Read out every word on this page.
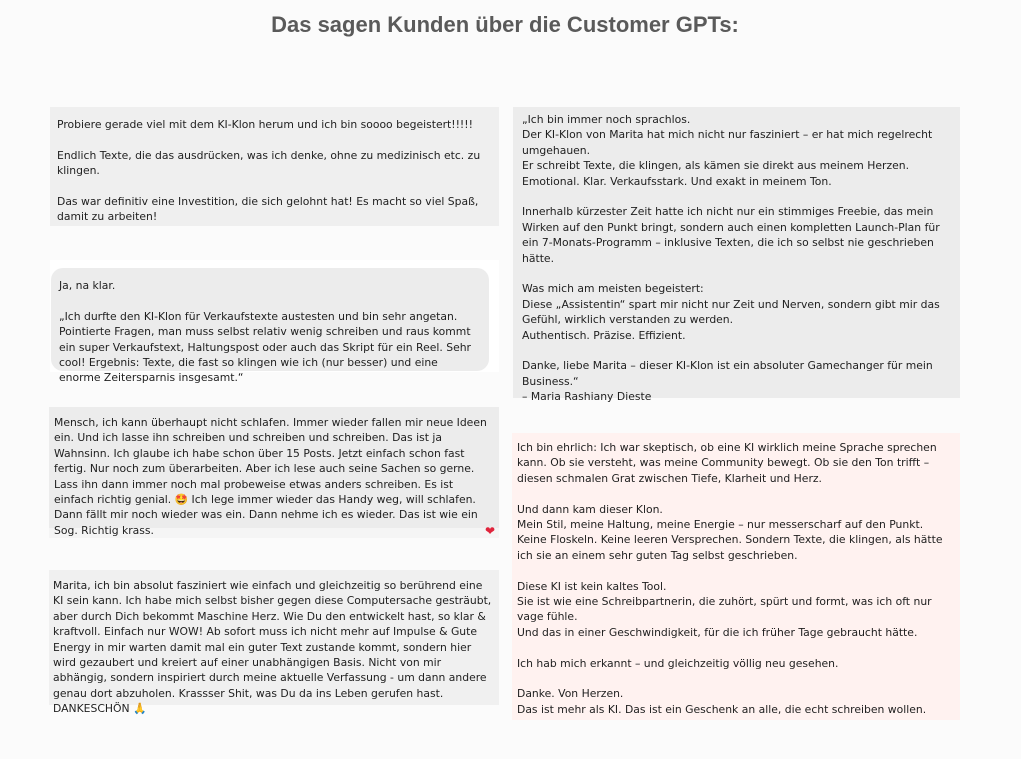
Das sagen Kunden über die Customer GPTs:

Probiere gerade viel mit dem KI-Klon herum und ich bin soooo begeistert!!!!!

Endlich Texte, die das ausdrücken, was ich denke, ohne zu medizinisch etc. zu klingen.

Das war definitiv eine Investition, die sich gelohnt hat! Es macht so viel Spaß, damit zu arbeiten!

Ja, na klar.

„Ich durfte den KI-Klon für Verkaufstexte austesten und bin sehr angetan. Pointierte Fragen, man muss selbst relativ wenig schreiben und raus kommt ein super Verkaufstext, Haltungspost oder auch das Skript für ein Reel. Sehr cool! Ergebnis: Texte, die fast so klingen wie ich (nur besser) und eine enorme Zeitersparnis insgesamt.“

Mensch, ich kann überhaupt nicht schlafen. Immer wieder fallen mir neue Ideen ein. Und ich lasse ihn schreiben und schreiben und schreiben. Das ist ja Wahnsinn. Ich glaube ich habe schon über 15 Posts. Jetzt einfach schon fast fertig. Nur noch zum überarbeiten. Aber ich lese auch seine Sachen so gerne. Lass ihn dann immer noch mal probeweise etwas anders schreiben. Es ist einfach richtig genial. 🤩 Ich lege immer wieder das Handy weg, will schlafen. Dann fällt mir noch wieder was ein. Dann nehme ich es wieder. Das ist wie ein Sog. Richtig krass.	❤

Marita, ich bin absolut fasziniert wie einfach und gleichzeitig so berührend eine KI sein kann. Ich habe mich selbst bisher gegen diese Computersache gesträubt, aber durch Dich bekommt Maschine Herz. Wie Du den entwickelt hast, so klar & kraftvoll. Einfach nur WOW! Ab sofort muss ich nicht mehr auf Impulse & Gute Energy in mir warten damit mal ein guter Text zustande kommt, sondern hier wird gezaubert und kreiert auf einer unabhängigen Basis. Nicht von mir abhängig, sondern inspiriert durch meine aktuelle Verfassung - um dann andere genau dort abzuholen. Krassser Shit, was Du da ins Leben gerufen hast. DANKESCHÖN 🙏

„Ich bin immer noch sprachlos.
Der KI-Klon von Marita hat mich nicht nur fasziniert – er hat mich regelrecht umgehauen.
Er schreibt Texte, die klingen, als kämen sie direkt aus meinem Herzen. Emotional. Klar. Verkaufsstark. Und exakt in meinem Ton.

Innerhalb kürzester Zeit hatte ich nicht nur ein stimmiges Freebie, das mein Wirken auf den Punkt bringt, sondern auch einen kompletten Launch-Plan für ein 7-Monats-Programm – inklusive Texten, die ich so selbst nie geschrieben hätte.

Was mich am meisten begeistert:
Diese „Assistentin“ spart mir nicht nur Zeit und Nerven, sondern gibt mir das Gefühl, wirklich verstanden zu werden.
Authentisch. Präzise. Effizient.

Danke, liebe Marita – dieser KI-Klon ist ein absoluter Gamechanger für mein Business.“
– Maria Rashiany Dieste

Ich bin ehrlich: Ich war skeptisch, ob eine KI wirklich meine Sprache sprechen kann. Ob sie versteht, was meine Community bewegt. Ob sie den Ton trifft – diesen schmalen Grat zwischen Tiefe, Klarheit und Herz.

Und dann kam dieser Klon.
Mein Stil, meine Haltung, meine Energie – nur messerscharf auf den Punkt.
Keine Floskeln. Keine leeren Versprechen. Sondern Texte, die klingen, als hätte ich sie an einem sehr guten Tag selbst geschrieben.

Diese KI ist kein kaltes Tool.
Sie ist wie eine Schreibpartnerin, die zuhört, spürt und formt, was ich oft nur vage fühle.
Und das in einer Geschwindigkeit, für die ich früher Tage gebraucht hätte.

Ich hab mich erkannt – und gleichzeitig völlig neu gesehen.

Danke. Von Herzen.
Das ist mehr als KI. Das ist ein Geschenk an alle, die echt schreiben wollen.
